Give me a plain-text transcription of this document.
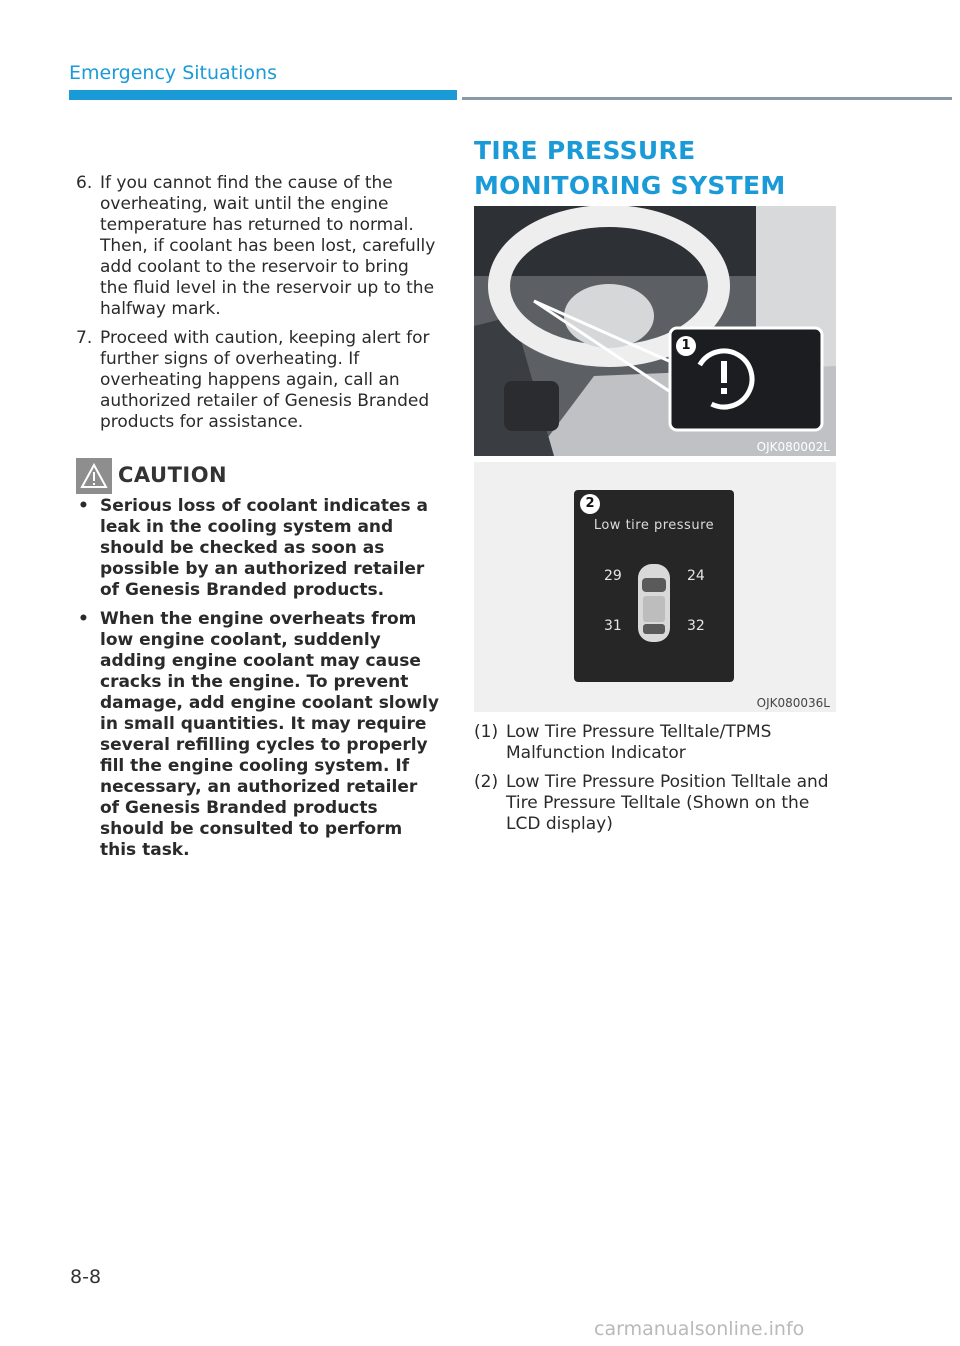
Emergency Situations
6. If you cannot find the cause of the overheating, wait until the engine temperature has returned to normal. Then, if coolant has been lost, carefully add coolant to the reservoir to bring the fluid level in the reservoir up to the halfway mark.
7. Proceed with caution, keeping alert for further signs of overheating. If overheating happens again, call an authorized retailer of Genesis Branded products for assistance.
CAUTION
• Serious loss of coolant indicates a leak in the cooling system and should be checked as soon as possible by an authorized retailer of Genesis Branded products.
• When the engine overheats from low engine coolant, suddenly adding engine coolant may cause cracks in the engine. To prevent damage, add engine coolant slowly in small quantities. It may require several refilling cycles to properly fill the engine cooling system. If necessary, an authorized retailer of Genesis Branded products should be consulted to perform this task.
TIRE PRESSURE MONITORING SYSTEM
1
OJK080002L
2
Low tire pressure
29	24
31	32
OJK080036L
(1) Low Tire Pressure Telltale/TPMS Malfunction Indicator
(2) Low Tire Pressure Position Telltale and Tire Pressure Telltale (Shown on the LCD display)
8-8
carmanualsonline.info
